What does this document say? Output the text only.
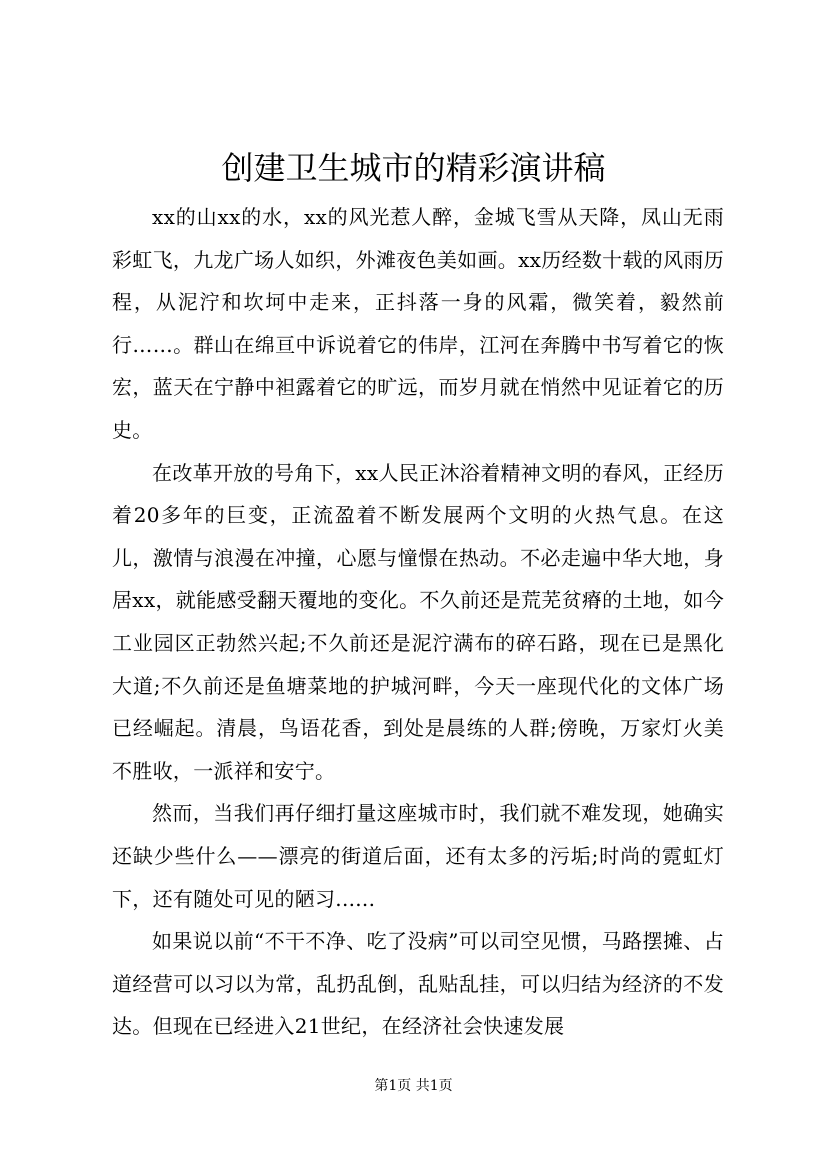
创建卫生城市的精彩演讲稿

xx的山xx的水，xx的风光惹人醉，金城飞雪从天降，凤山无雨彩虹飞，九龙广场人如织，外滩夜色美如画。xx历经数十载的风雨历程，从泥泞和坎坷中走来，正抖落一身的风霜，微笑着，毅然前行……。群山在绵亘中诉说着它的伟岸，江河在奔腾中书写着它的恢宏，蓝天在宁静中袒露着它的旷远，而岁月就在悄然中见证着它的历史。

在改革开放的号角下，xx人民正沐浴着精神文明的春风，正经历着20多年的巨变，正流盈着不断发展两个文明的火热气息。在这儿，激情与浪漫在冲撞，心愿与憧憬在热动。不必走遍中华大地，身居xx，就能感受翻天覆地的变化。不久前还是荒芜贫瘠的土地，如今工业园区正勃然兴起;不久前还是泥泞满布的碎石路，现在已是黑化大道;不久前还是鱼塘菜地的护城河畔，今天一座现代化的文体广场已经崛起。清晨，鸟语花香，到处是晨练的人群;傍晚，万家灯火美不胜收，一派祥和安宁。

然而，当我们再仔细打量这座城市时，我们就不难发现，她确实还缺少些什么——漂亮的街道后面，还有太多的污垢;时尚的霓虹灯下，还有随处可见的陋习......

如果说以前“不干不净、吃了没病”可以司空见惯，马路摆摊、占道经营可以习以为常，乱扔乱倒，乱贴乱挂，可以归结为经济的不发达。但现在已经进入21世纪，在经济社会快速发展

第1页 共1页
